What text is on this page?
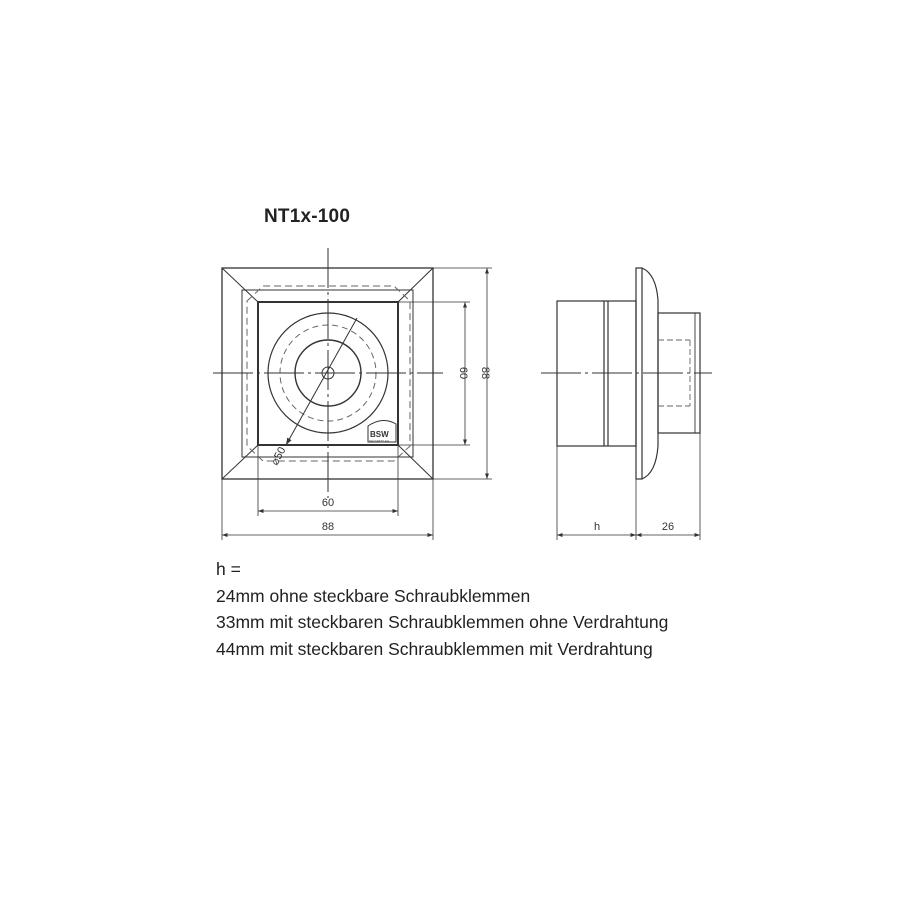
NT1x-100
BSW
SECURITY AG
⌀50
60
88
60 88
h	26
h =
24mm ohne steckbare Schraubklemmen
33mm mit steckbaren Schraubklemmen ohne Verdrahtung
44mm mit steckbaren Schraubklemmen mit Verdrahtung
